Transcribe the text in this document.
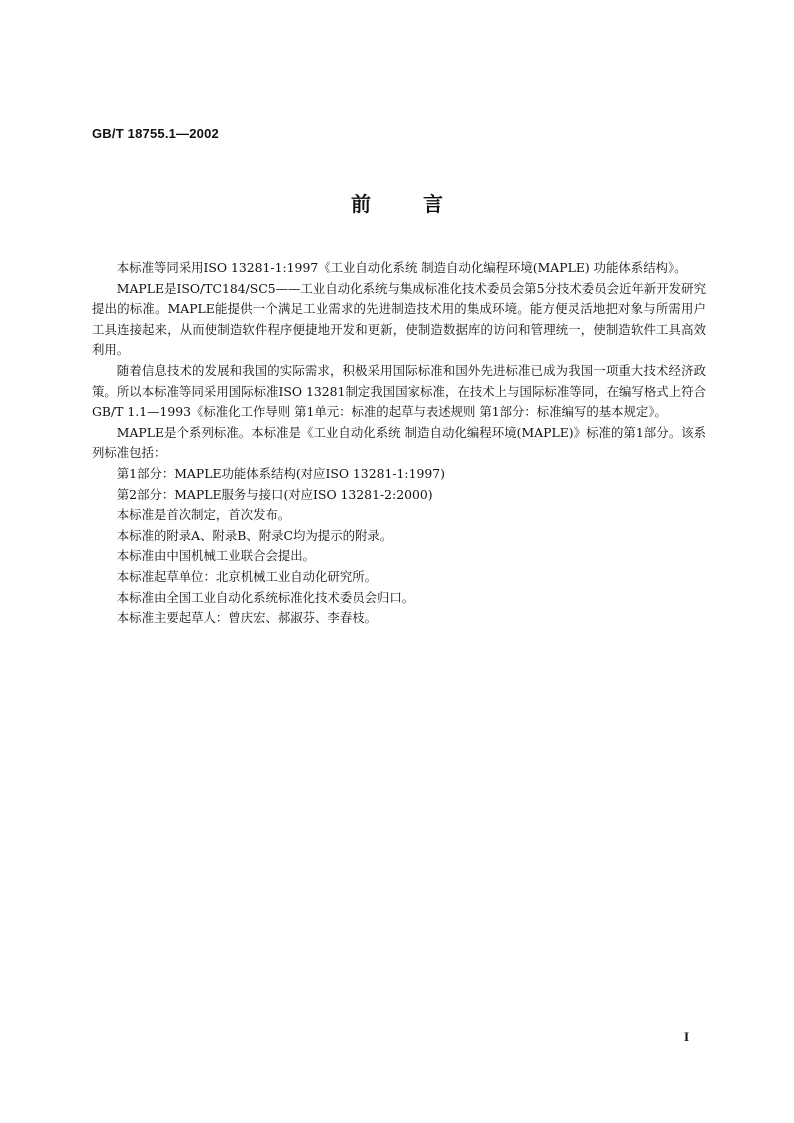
GB/T 18755.1—2002
前	言

本标准等同采用ISO 13281-1:1997《工业自动化系统 制造自动化编程环境(MAPLE) 功能体系结构》。

MAPLE是ISO/TC184/SC5——工业自动化系统与集成标准化技术委员会第5分技术委员会近年新开发研究提出的标准。MAPLE能提供一个满足工业需求的先进制造技术用的集成环境。能方便灵活地把对象与所需用户工具连接起来，从而使制造软件程序便捷地开发和更新，使制造数据库的访问和管理统一，使制造软件工具高效利用。

随着信息技术的发展和我国的实际需求，积极采用国际标准和国外先进标准已成为我国一项重大技术经济政策。所以本标准等同采用国际标准ISO 13281制定我国国家标准，在技术上与国际标准等同，在编写格式上符合GB/T 1.1—1993《标准化工作导则 第1单元：标准的起草与表述规则 第1部分：标准编写的基本规定》。

MAPLE是个系列标准。本标准是《工业自动化系统 制造自动化编程环境(MAPLE)》标准的第1部分。该系列标准包括：

第1部分：MAPLE功能体系结构(对应ISO 13281-1:1997)

第2部分：MAPLE服务与接口(对应ISO 13281-2:2000)

本标准是首次制定，首次发布。

本标准的附录A、附录B、附录C均为提示的附录。

本标准由中国机械工业联合会提出。

本标准起草单位：北京机械工业自动化研究所。

本标准由全国工业自动化系统标准化技术委员会归口。

本标准主要起草人：曾庆宏、郝淑芬、李春枝。

I
